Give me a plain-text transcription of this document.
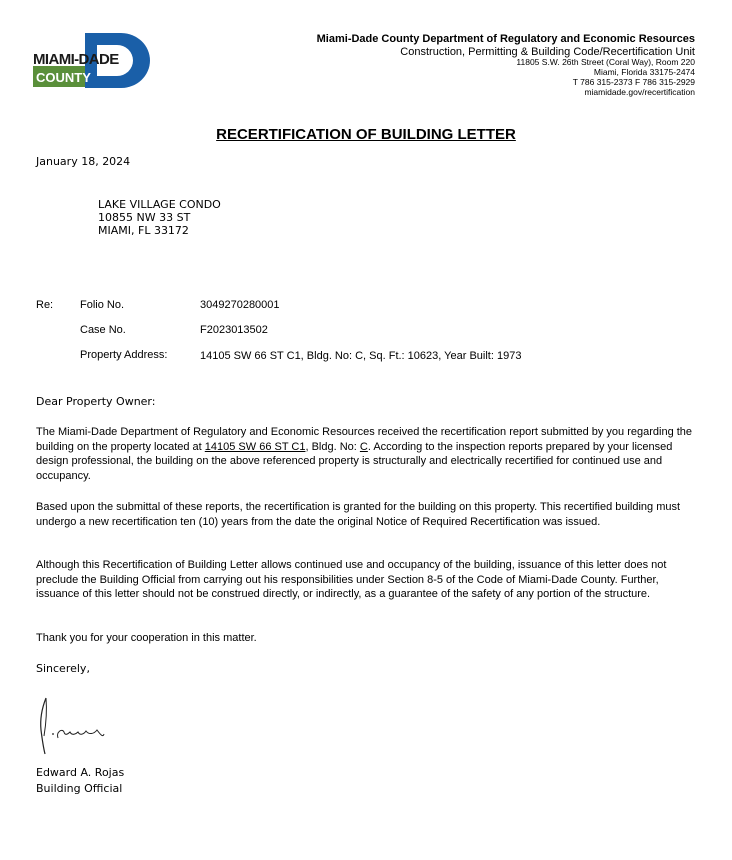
MIAMI-DADE
COUNTY
Miami-Dade County Department of Regulatory and Economic Resources
Construction, Permitting & Building Code/Recertification Unit
11805 S.W. 26th Street (Coral Way), Room 220
Miami, Florida 33175-2474
T 786 315-2373 F 786 315-2929
miamidade.gov/recertification
RECERTIFICATION OF BUILDING LETTER
January 18, 2024
LAKE VILLAGE CONDO
10855 NW 33 ST
MIAMI, FL 33172
Re: Folio No.	3049270280001
Case No.	F2023013502
Property Address:	14105 SW 66 ST C1, Bldg. No: C, Sq. Ft.: 10623, Year Built: 1973
Dear Property Owner:
The Miami-Dade Department of Regulatory and Economic Resources received the recertification report submitted by you regarding the building on the property located at 14105 SW 66 ST C1, Bldg. No: C. According to the inspection reports prepared by your licensed design professional, the building on the above referenced property is structurally and electrically recertified for continued use and occupancy.
Based upon the submittal of these reports, the recertification is granted for the building on this property. This recertified building must undergo a new recertification ten (10) years from the date the original Notice of Required Recertification was issued.
Although this Recertification of Building Letter allows continued use and occupancy of the building, issuance of this letter does not preclude the Building Official from carrying out his responsibilities under Section 8-5 of the Code of Miami-Dade County. Further, issuance of this letter should not be construed directly, or indirectly, as a guarantee of the safety of any portion of the structure.
Thank you for your cooperation in this matter.
Sincerely,
Edward A. Rojas
Building Official
